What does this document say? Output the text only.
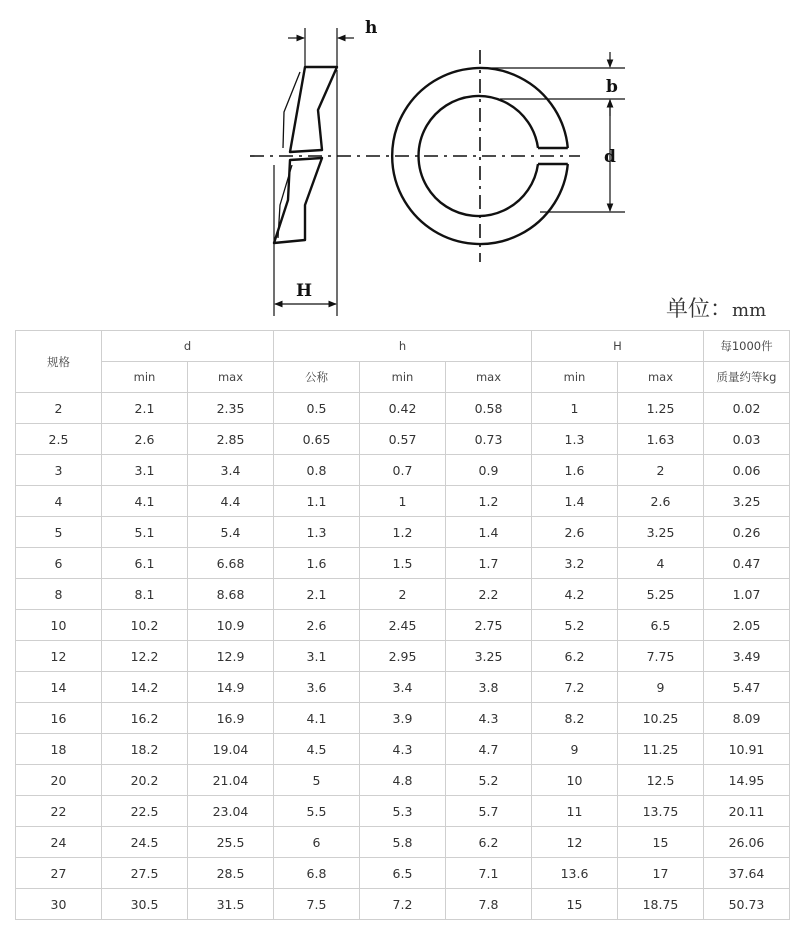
h
H
b
d
单位：mm
规格	d		h			H		每1000件
	min	max	公称	min	max	min	max	质量约等kg
2	2.1	2.35	0.5	0.42	0.58	1	1.25	0.02
2.5	2.6	2.85	0.65	0.57	0.73	1.3	1.63	0.03
3	3.1	3.4	0.8	0.7	0.9	1.6	2	0.06
4	4.1	4.4	1.1	1	1.2	1.4	2.6	3.25
5	5.1	5.4	1.3	1.2	1.4	2.6	3.25	0.26
6	6.1	6.68	1.6	1.5	1.7	3.2	4	0.47
8	8.1	8.68	2.1	2	2.2	4.2	5.25	1.07
10	10.2	10.9	2.6	2.45	2.75	5.2	6.5	2.05
12	12.2	12.9	3.1	2.95	3.25	6.2	7.75	3.49
14	14.2	14.9	3.6	3.4	3.8	7.2	9	5.47
16	16.2	16.9	4.1	3.9	4.3	8.2	10.25	8.09
18	18.2	19.04	4.5	4.3	4.7	9	11.25	10.91
20	20.2	21.04	5	4.8	5.2	10	12.5	14.95
22	22.5	23.04	5.5	5.3	5.7	11	13.75	20.11
24	24.5	25.5	6	5.8	6.2	12	15	26.06
27	27.5	28.5	6.8	6.5	7.1	13.6	17	37.64
30	30.5	31.5	7.5	7.2	7.8	15	18.75	50.73
